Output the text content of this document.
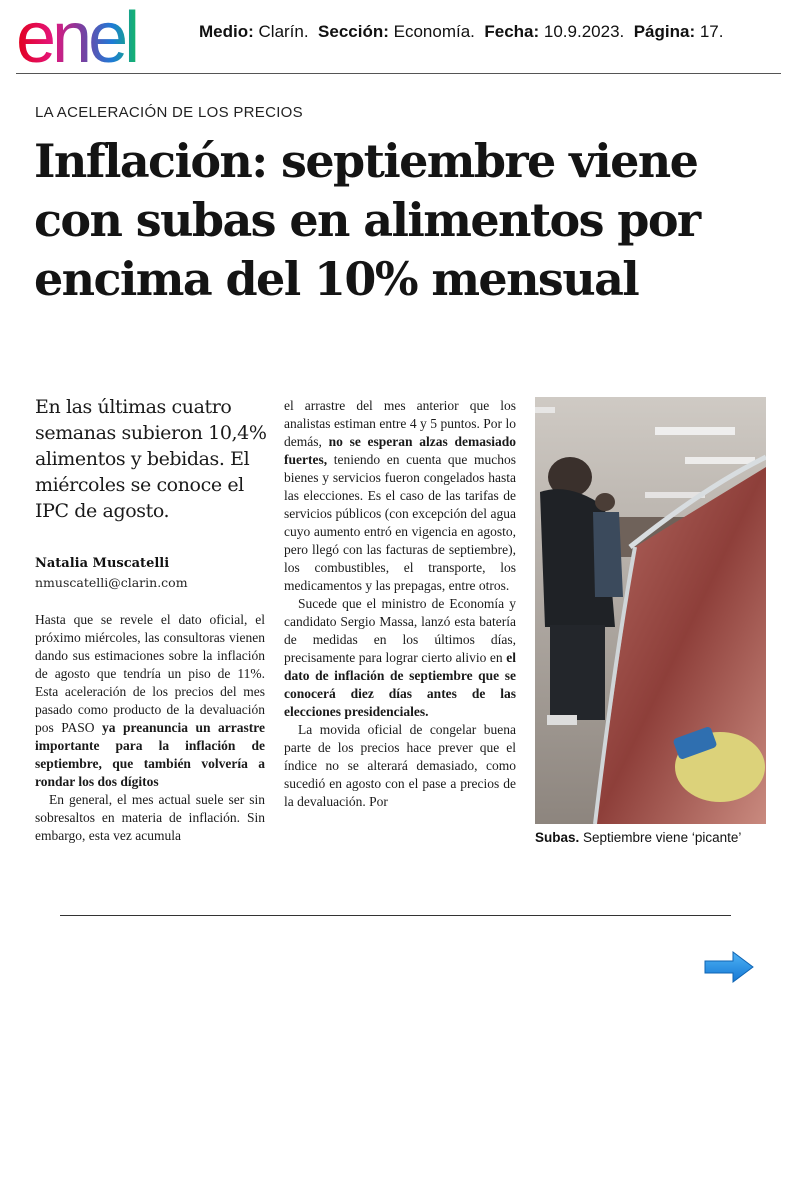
enel	Medio: Clarín. Sección: Economía. Fecha: 10.9.2023. Página: 17.
LA ACELERACIÓN DE LOS PRECIOS
Inflación: septiembre viene con subas en alimentos por encima del 10% mensual
En las últimas cuatro semanas subieron 10,4% alimentos y bebidas. El miércoles se conoce el IPC de agosto.
Natalia Muscatelli
nmuscatelli@clarin.com

Hasta que se revele el dato oficial, el próximo miércoles, las consultoras vienen dando sus estimaciones sobre la inflación de agosto que tendría un piso de 11%. Esta aceleración de los precios del mes pasado como producto de la devaluación pos PASO ya preanuncia un arrastre importante para la inflación de septiembre, que también volvería a rondar los dos dígitos

En general, el mes actual suele ser sin sobresaltos en materia de inflación. Sin embargo, esta vez acumula

el arrastre del mes anterior que los analistas estiman entre 4 y 5 puntos. Por lo demás, no se esperan alzas demasiado fuertes, teniendo en cuenta que muchos bienes y servicios fueron congelados hasta las elecciones. Es el caso de las tarifas de servicios públicos (con excepción del agua cuyo aumento entró en vigencia en agosto, pero llegó con las facturas de septiembre), los combustibles, el transporte, los medicamentos y las prepagas, entre otros.

Sucede que el ministro de Economía y candidato Sergio Massa, lanzó esta batería de medidas en los últimos días, precisamente para lograr cierto alivio en el dato de inflación de septiembre que se conocerá diez días antes de las elecciones presidenciales.

La movida oficial de congelar buena parte de los precios hace prever que el índice no se alterará demasiado, como sucedió en agosto con el pase a precios de la devaluación. Por

Subas. Septiembre viene ‘picante’
